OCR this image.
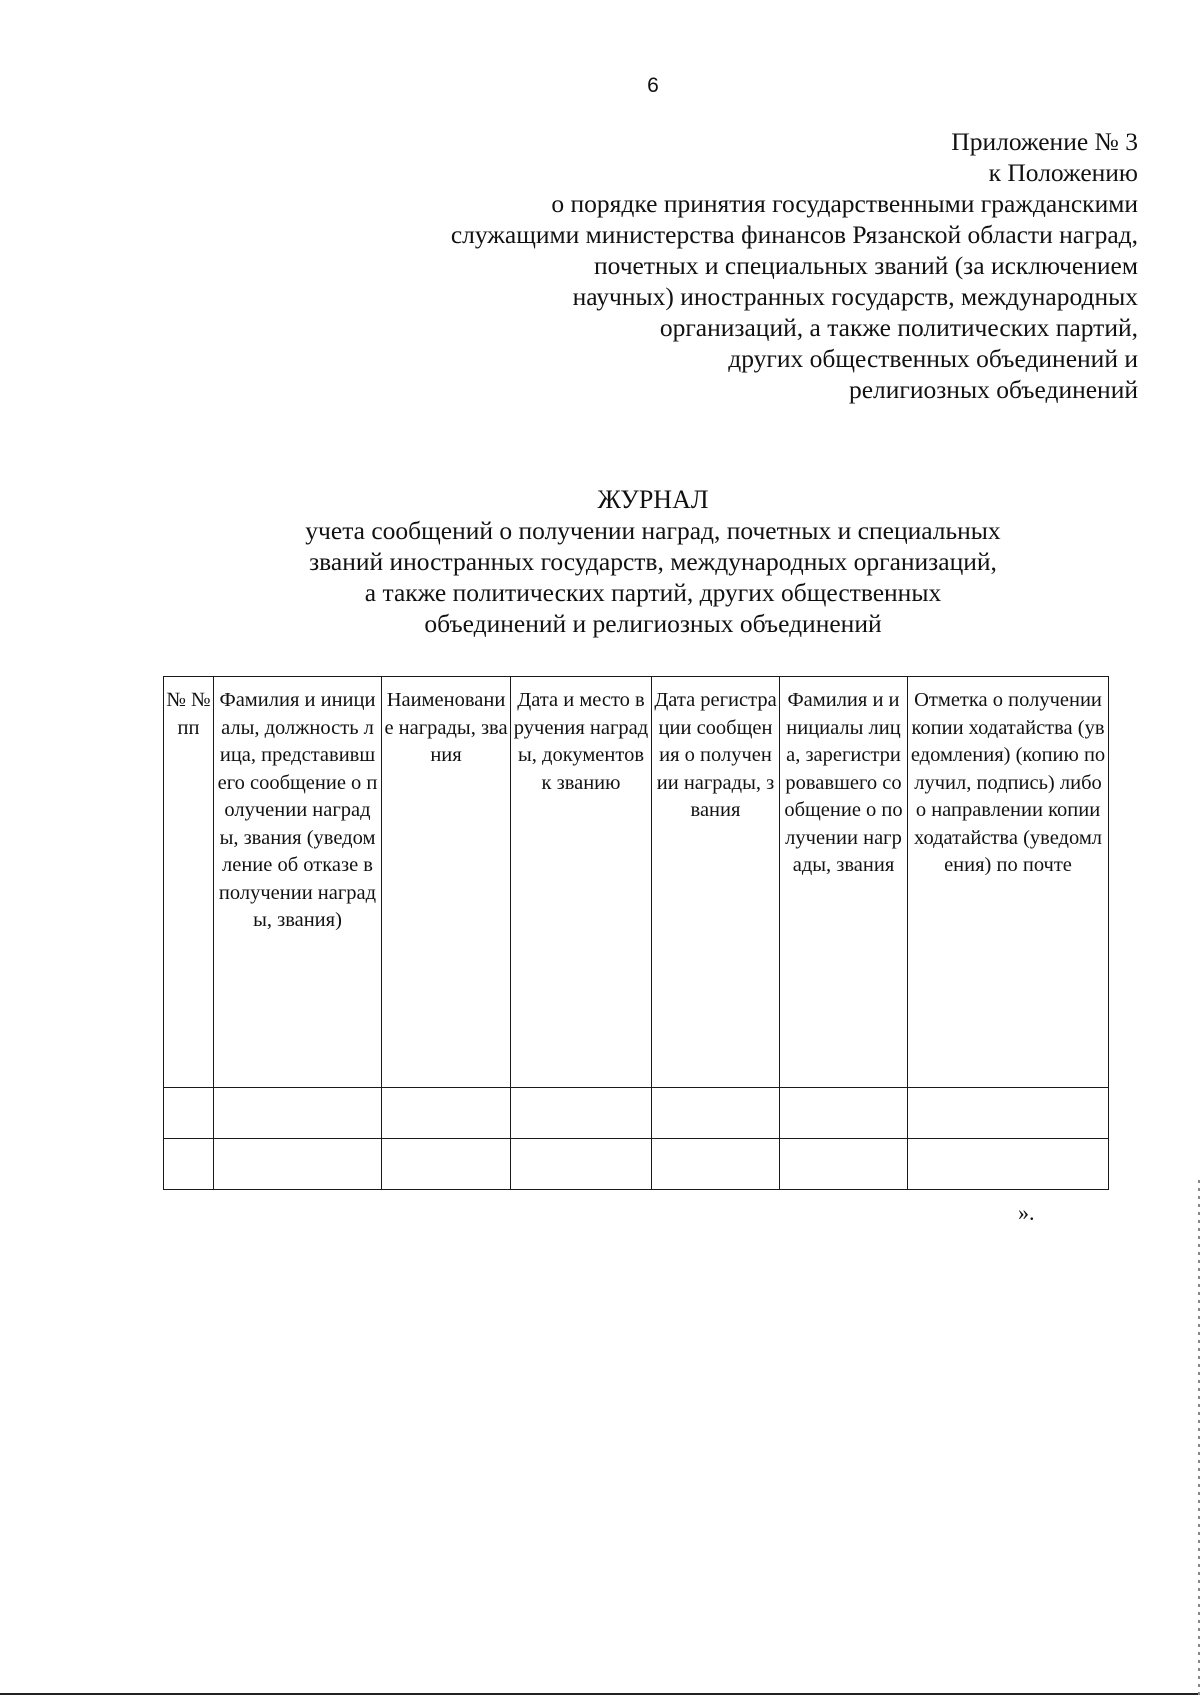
6
Приложение № 3
к Положению
о порядке принятия государственными гражданскими
служащими министерства финансов Рязанской области наград,
почетных и специальных званий (за исключением
научных) иностранных государств, международных
организаций, а также политических партий,
других общественных объединений и
религиозных объединений
ЖУРНАЛ
учета сообщений о получении наград, почетных и специальных
званий иностранных государств, международных организаций,
а также политических партий, других общественных
объединений и религиозных объединений
№ № пп	Фамилия и инициалы, должность лица, представившего сообщение о получении награды, звания (уведомление об отказе в получении награды, звания)	Наименование награды, звания	Дата и место вручения награды, документов к званию	Дата регистрации сообщения о получении награды, звания	Фамилия и инициалы лица, зарегистрировавшего сообщение о получении награды, звания	Отметка о получении копии ходатайства (уведомления) (копию получил, подпись) либо о направлении копии ходатайства (уведомления) по почте

».
